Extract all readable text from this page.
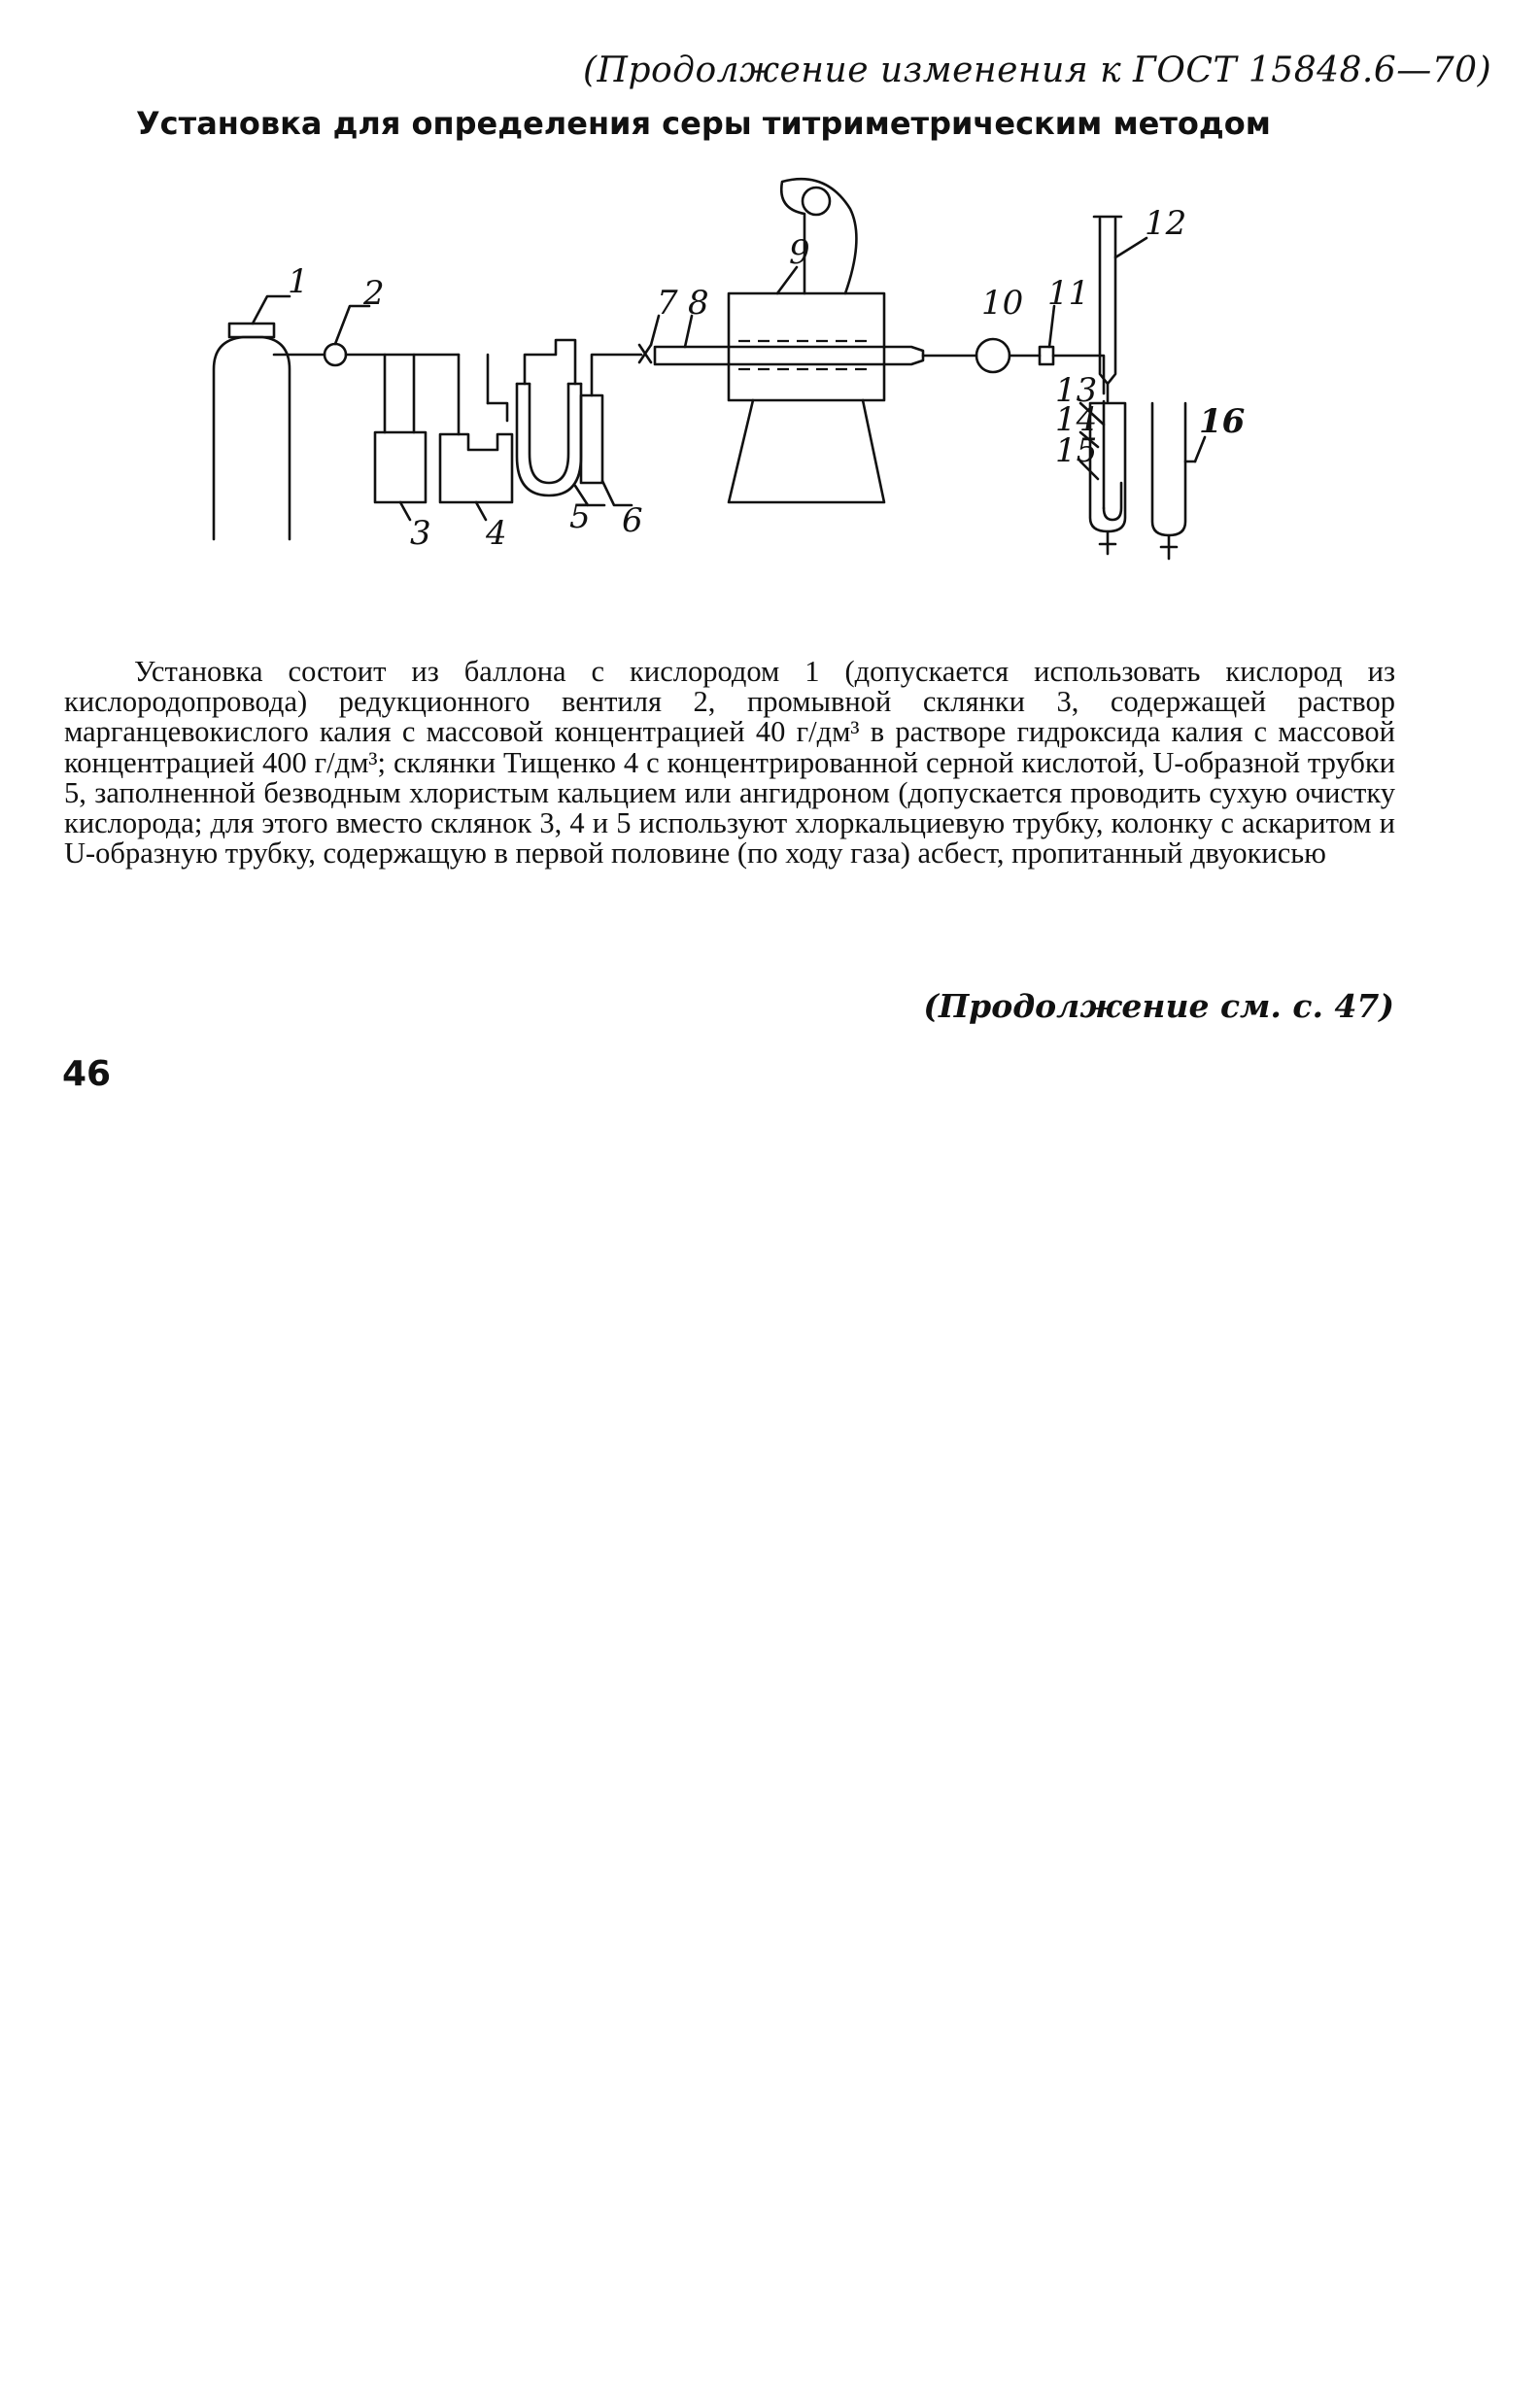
(Продолжение изменения к ГОСТ 15848.6—70)
Установка для определения серы титриметрическим методом
1 2
3 4 5 6
7 8
9
10 11
12
13
14
15
16

Установка состоит из баллона с кислородом 1 (допускается использовать кислород из кислородопровода) редукционного вентиля 2, промывной склянки 3, содержащей раствор марганцевокислого калия с массовой концентрацией 40 г/дм³ в растворе гидроксида калия с массовой концентрацией 400 г/дм³; склянки Тищенко 4 с концентрированной серной кислотой, U-образной трубки 5, заполненной безводным хлористым кальцием или ангидроном (допускается проводить сухую очистку кислорода; для этого вместо склянок 3, 4 и 5 используют хлоркальциевую трубку, колонку с аскаритом и U-образную трубку, содержащую в первой половине (по ходу газа) асбест, пропитанный двуокисью

(Продолжение см. с. 47)
46
